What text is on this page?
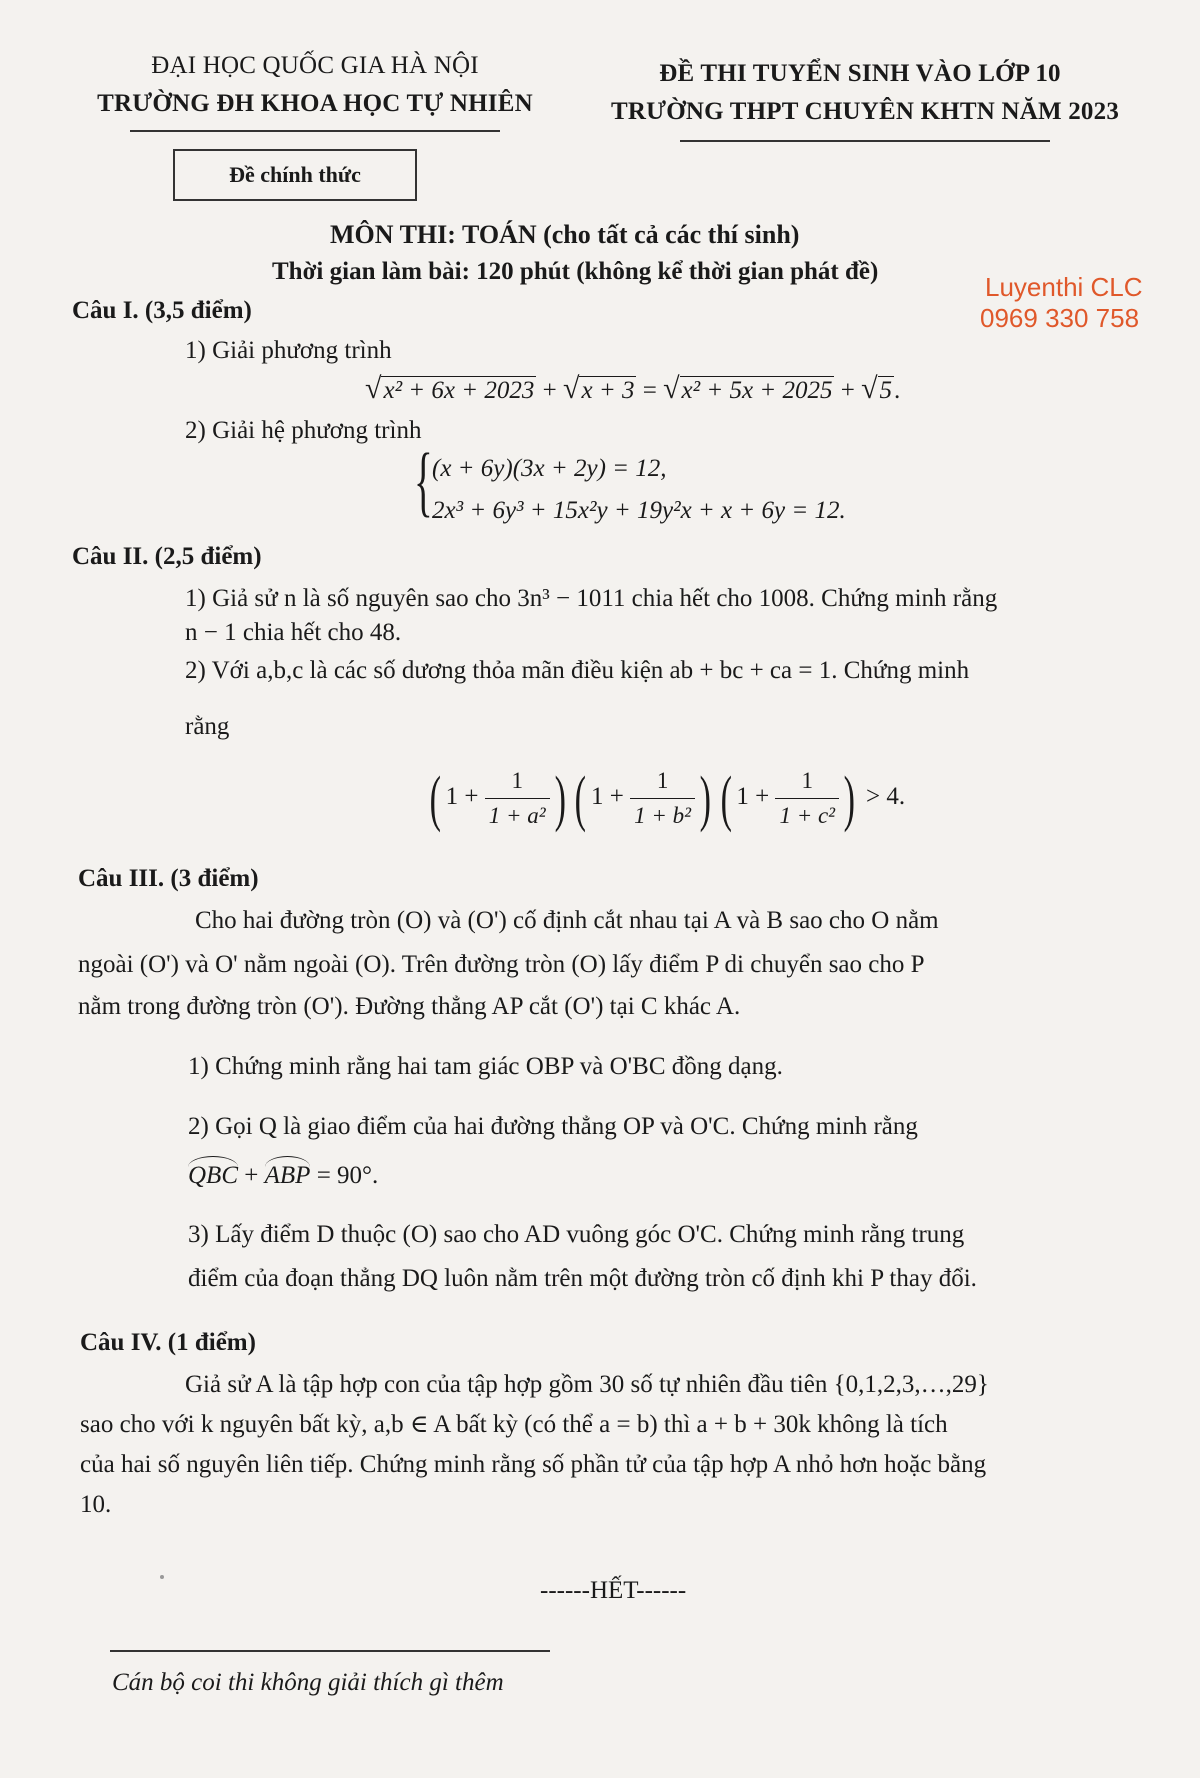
ĐẠI HỌC QUỐC GIA HÀ NỘI
TRƯỜNG ĐH KHOA HỌC TỰ NHIÊN
ĐỀ THI TUYỂN SINH VÀO LỚP 10
TRƯỜNG THPT CHUYÊN KHTN NĂM 2023
Đề chính thức
MÔN THI: TOÁN (cho tất cả các thí sinh)
Thời gian làm bài: 120 phút (không kể thời gian phát đề)
Luyenthi CLC
0969 330 758
Câu I. (3,5 điểm)
1) Giải phương trình
√x² + 6x + 2023 + √x + 3 = √x² + 5x + 2025 + √5.
2) Giải hệ phương trình
{ (x + 6y)(3x + 2y) = 12,
2x³ + 6y³ + 15x²y + 19y²x + x + 6y = 12.
Câu II. (2,5 điểm)
1) Giả sử n là số nguyên sao cho 3n³ − 1011 chia hết cho 1008. Chứng minh rằng
n − 1 chia hết cho 48.
2) Với a,b,c là các số dương thỏa mãn điều kiện ab + bc + ca = 1. Chứng minh
rằng
( $1 + \frac{1}{\text{1 + a²}}$ ) ( $1 + \frac{1}{\text{1 + b²}}$ ) ( $1 + \frac{1}{\text{1 + c²}}$ ) > 4.
Câu III. (3 điểm)
Cho hai đường tròn (O) và (O') cố định cắt nhau tại A và B sao cho O nằm
ngoài (O') và O' nằm ngoài (O). Trên đường tròn (O) lấy điểm P di chuyển sao cho P
nằm trong đường tròn (O'). Đường thẳng AP cắt (O') tại C khác A.
1) Chứng minh rằng hai tam giác OBP và O'BC đồng dạng.
2) Gọi Q là giao điểm của hai đường thẳng OP và O'C. Chứng minh rằng
QBC + ABP = 90°.
3) Lấy điểm D thuộc (O) sao cho AD vuông góc O'C. Chứng minh rằng trung
điểm của đoạn thẳng DQ luôn nằm trên một đường tròn cố định khi P thay đổi.
Câu IV. (1 điểm)
Giả sử A là tập hợp con của tập hợp gồm 30 số tự nhiên đầu tiên {0,1,2,3,…,29}
sao cho với k nguyên bất kỳ, a,b ∈ A bất kỳ (có thể a = b) thì a + b + 30k không là tích
của hai số nguyên liên tiếp. Chứng minh rằng số phần tử của tập hợp A nhỏ hơn hoặc bằng
10.
------HẾT------
Cán bộ coi thi không giải thích gì thêm
